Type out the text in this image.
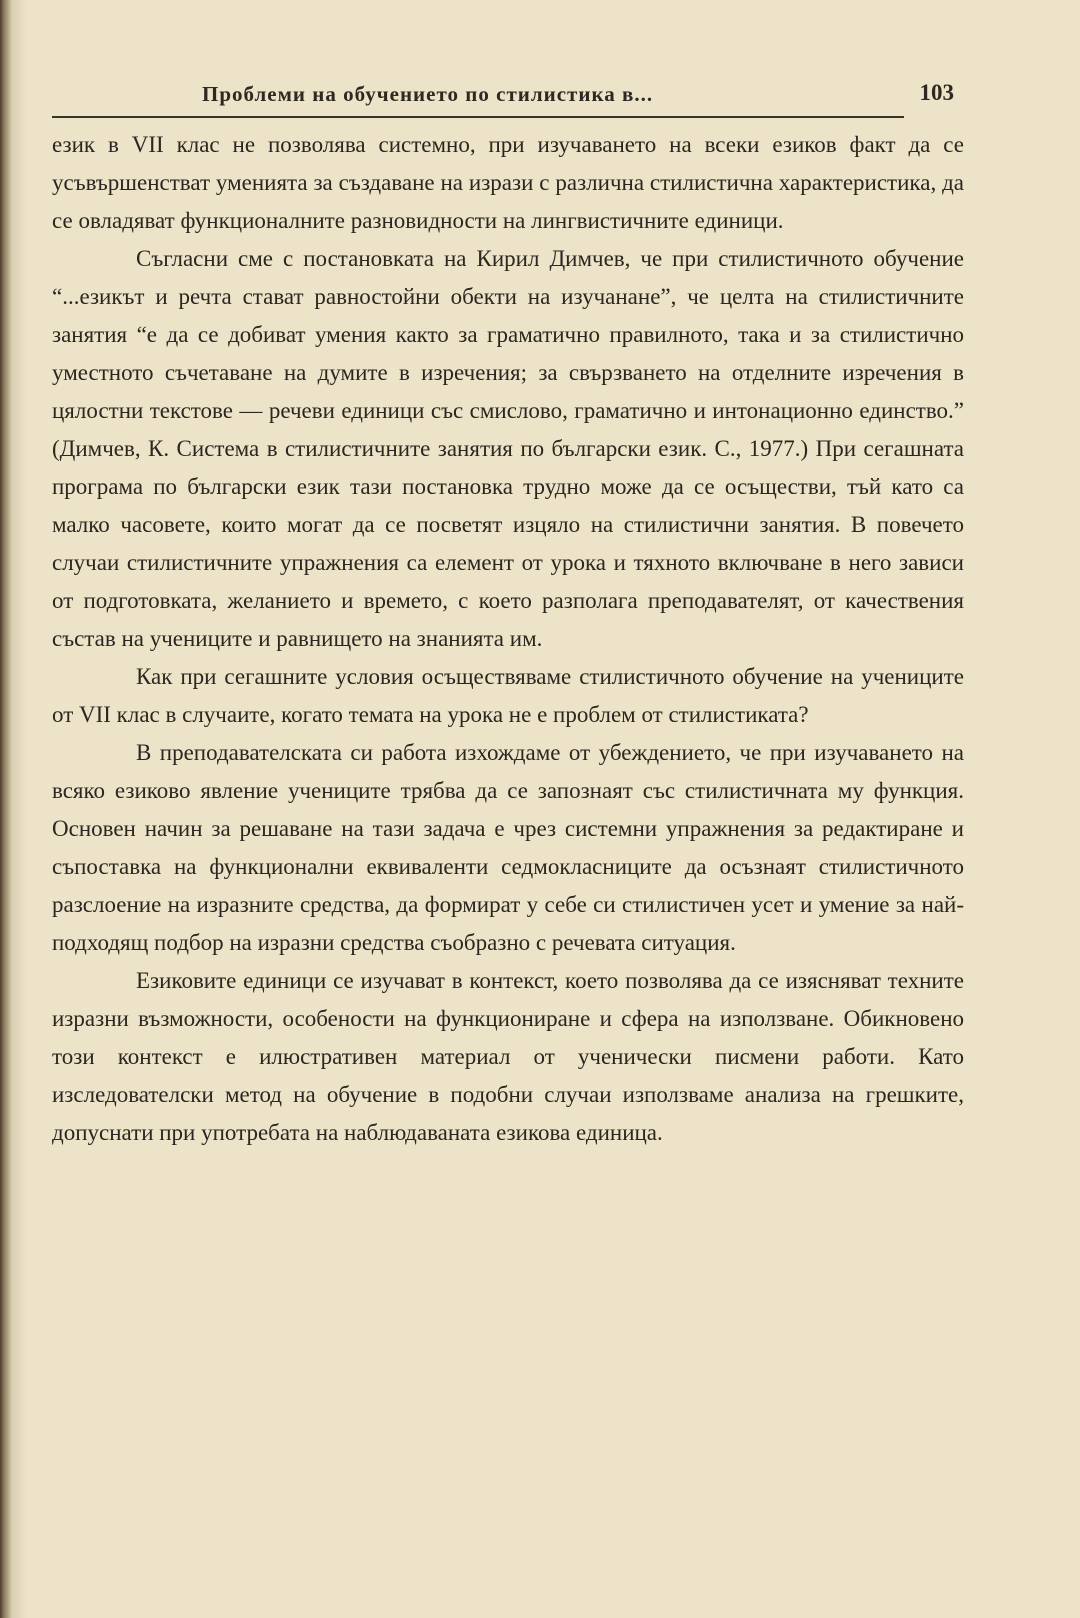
Проблеми на обучението по стилистика в...	103

език в VII клас не позволява системно, при изучаването на всеки езиков факт да се усъвършенстват уменията за създаване на изрази с различна стилистична характеристика, да се овладяват функционалните разновидности на лингвистичните единици.

Съгласни сме с постановката на Кирил Димчев, че при стилистичното обучение “...езикът и речта стават равностойни обекти на изучанане”, че целта на стилистичните занятия “е да се добиват умения както за граматично правилното, така и за стилистично уместното съчетаване на думите в изречения; за свързването на отделните изречения в цялостни текстове — речеви единици със смислово, граматично и интонационно единство.” (Димчев, К. Система в стилистичните занятия по български език. С., 1977.) При сегашната програма по български език тази постановка трудно може да се осъществи, тъй като са малко часовете, които могат да се посветят изцяло на стилистични занятия. В повечето случаи стилистичните упражнения са елемент от урока и тяхното включване в него зависи от подготовката, желанието и времето, с което разполага преподавателят, от качествения състав на учениците и равнището на знанията им.

Как при сегашните условия осъществяваме стилистичното обучение на учениците от VII клас в случаите, когато темата на урока не е проблем от стилистиката?

В преподавателската си работа изхождаме от убеждението, че при изучаването на всяко езиково явление учениците трябва да се запознаят със стилистичната му функция. Основен начин за решаване на тази задача е чрез системни упражнения за редактиране и съпоставка на функционални еквиваленти седмокласниците да осъзнаят стилистичното разслоение на изразните средства, да формират у себе си стилистичен усет и умение за най-подходящ подбор на изразни средства съобразно с речевата ситуация.

Езиковите единици се изучават в контекст, което позволява да се изясняват техните изразни възможности, особености на функциониране и сфера на използване. Обикновено този контекст е илюстративен материал от ученически писмени работи. Като изследователски метод на обучение в подобни случаи използваме анализа на грешките, допуснати при употребата на наблюдаваната езикова единица.
